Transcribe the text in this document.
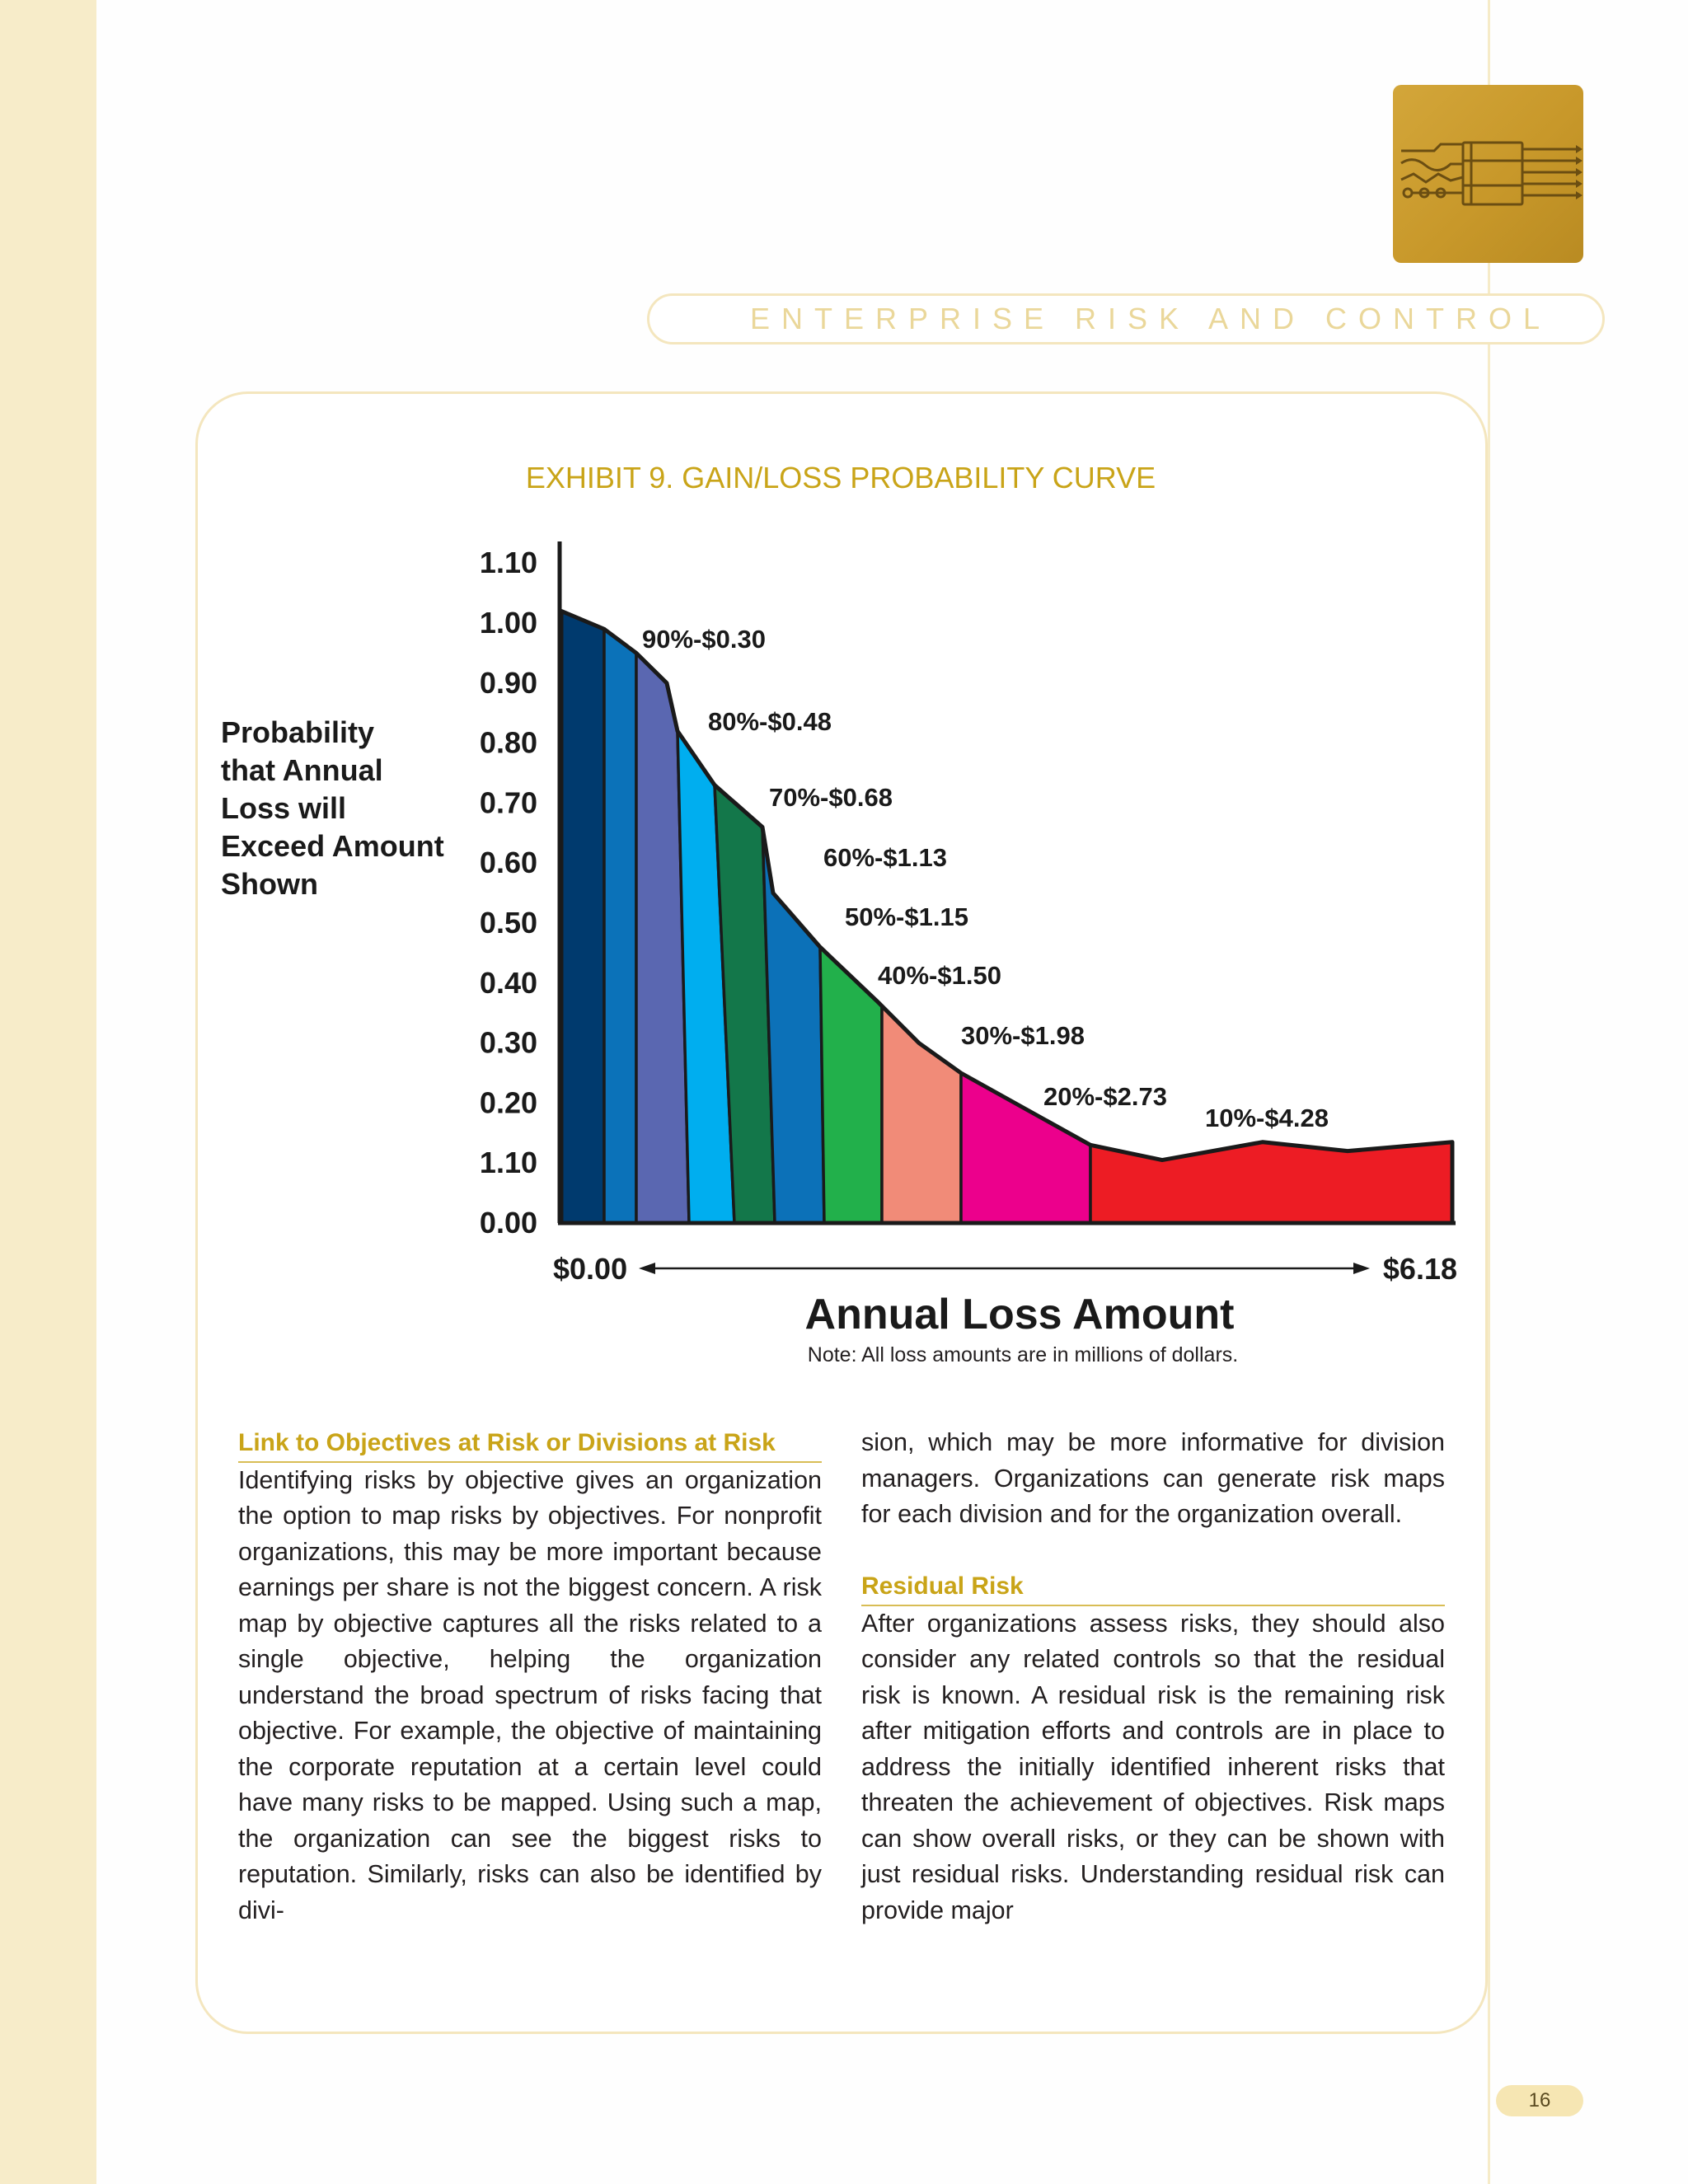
ENTERPRISE RISK AND CONTROL
EXHIBIT 9. GAIN/LOSS PROBABILITY CURVE
0.00
1.10
0.20
0.30
0.40
0.50
0.60
0.70
0.80
0.90
1.00
1.10
Probability
that Annual
Loss will
Exceed Amount
Shown
90%-$0.30
80%-$0.48
70%-$0.68
60%-$1.13
50%-$1.15
40%-$1.50
30%-$1.98
20%-$2.73
10%-$4.28
$0.00	$6.18
Annual Loss Amount
Note: All loss amounts are in millions of dollars.

Link to Objectives at Risk or Divisions at Risk

Identifying risks by objective gives an organization the option to map risks by objectives. For nonprofit organizations, this may be more important because earnings per share is not the biggest concern. A risk map by objective captures all the risks related to a single objective, helping the organization understand the broad spectrum of risks facing that objective. For example, the objective of maintaining the corporate reputation at a certain level could have many risks to be mapped. Using such a map, the organization can see the biggest risks to reputation. Similarly, risks can also be identified by divi-

sion, which may be more informative for division managers. Organizations can generate risk maps for each division and for the organization overall.

Residual Risk

After organizations assess risks, they should also consider any related controls so that the residual risk is known. A residual risk is the remaining risk after mitigation efforts and controls are in place to address the initially identified inherent risks that threaten the achievement of objectives. Risk maps can show overall risks, or they can be shown with just residual risks. Understanding residual risk can provide major

16
